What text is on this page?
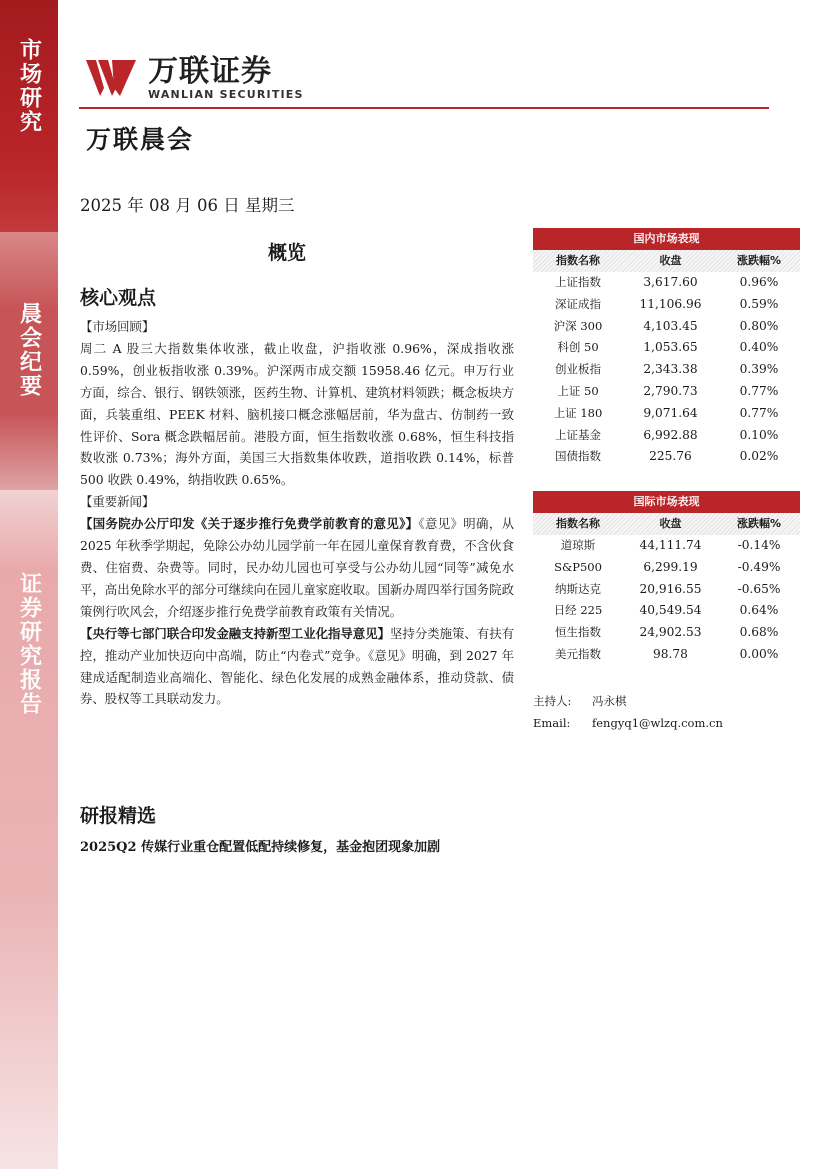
市场研究
晨会纪要
证券研究报告
万联证券
WANLIAN SECURITIES
万联晨会
2025 年 08 月 06 日 星期三
概览
核心观点

【市场回顾】

周二 A 股三大指数集体收涨，截止收盘，沪指收涨 0.96%，深成指收涨 0.59%，创业板指收涨 0.39%。沪深两市成交额 15958.46 亿元。申万行业方面，综合、银行、钢铁领涨，医药生物、计算机、建筑材料领跌；概念板块方面，兵装重组、PEEK 材料、脑机接口概念涨幅居前，华为盘古、仿制药一致性评价、Sora 概念跌幅居前。港股方面，恒生指数收涨 0.68%，恒生科技指数收涨 0.73%；海外方面，美国三大指数集体收跌，道指收跌 0.14%，标普 500 收跌 0.49%，纳指收跌 0.65%。

【重要新闻】

【国务院办公厅印发《关于逐步推行免费学前教育的意见》】《意见》明确，从 2025 年秋季学期起，免除公办幼儿园学前一年在园儿童保育教育费，不含伙食费、住宿费、杂费等。同时，民办幼儿园也可享受与公办幼儿园“同等”减免水平，高出免除水平的部分可继续向在园儿童家庭收取。国新办周四举行国务院政策例行吹风会，介绍逐步推行免费学前教育政策有关情况。

【央行等七部门联合印发金融支持新型工业化指导意见】坚持分类施策、有扶有控，推动产业加快迈向中高端，防止“内卷式”竞争。《意见》明确，到 2027 年建成适配制造业高端化、智能化、绿色化发展的成熟金融体系，推动贷款、债券、股权等工具联动发力。

研报精选
2025Q2 传媒行业重仓配置低配持续修复，基金抱团现象加剧
国内市场表现
指数名称	收盘	涨跌幅%
上证指数	3,617.60	0.96%
深证成指	11,106.96	0.59%
沪深 300	4,103.45	0.80%
科创 50	1,053.65	0.40%
创业板指	2,343.38	0.39%
上证 50	2,790.73	0.77%
上证 180	9,071.64	0.77%
上证基金	6,992.88	0.10%
国债指数	225.76	0.02%
国际市场表现
指数名称	收盘	涨跌幅%
道琼斯	44,111.74	-0.14%
S&P500	6,299.19	-0.49%
纳斯达克	20,916.55	-0.65%
日经 225	40,549.54	0.64%
恒生指数	24,902.53	0.68%
美元指数	98.78	0.00%
主持人: 冯永棋
Email: fengyq1@wlzq.com.cn
